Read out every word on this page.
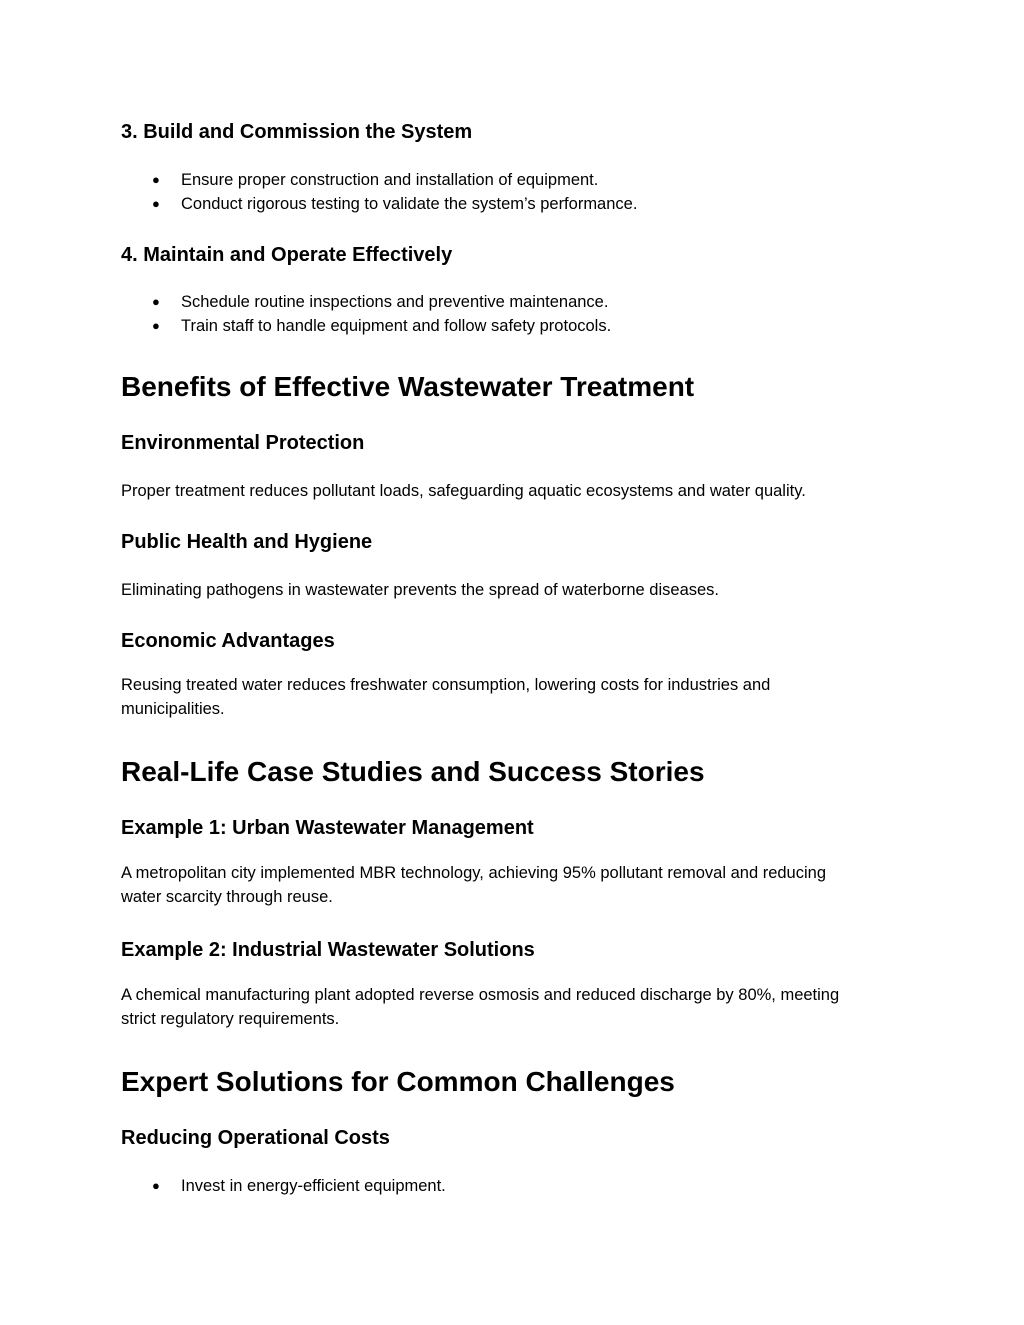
3. Build and Commission the System
● Ensure proper construction and installation of equipment.
● Conduct rigorous testing to validate the system’s performance.
4. Maintain and Operate Effectively
● Schedule routine inspections and preventive maintenance.
● Train staff to handle equipment and follow safety protocols.
Benefits of Effective Wastewater Treatment
Environmental Protection

Proper treatment reduces pollutant loads, safeguarding aquatic ecosystems and water quality.

Public Health and Hygiene

Eliminating pathogens in wastewater prevents the spread of waterborne diseases.

Economic Advantages

Reusing treated water reduces freshwater consumption, lowering costs for industries and municipalities.

Real-Life Case Studies and Success Stories
Example 1: Urban Wastewater Management

A metropolitan city implemented MBR technology, achieving 95% pollutant removal and reducing water scarcity through reuse.

Example 2: Industrial Wastewater Solutions

A chemical manufacturing plant adopted reverse osmosis and reduced discharge by 80%, meeting strict regulatory requirements.

Expert Solutions for Common Challenges
Reducing Operational Costs
● Invest in energy-efficient equipment.
